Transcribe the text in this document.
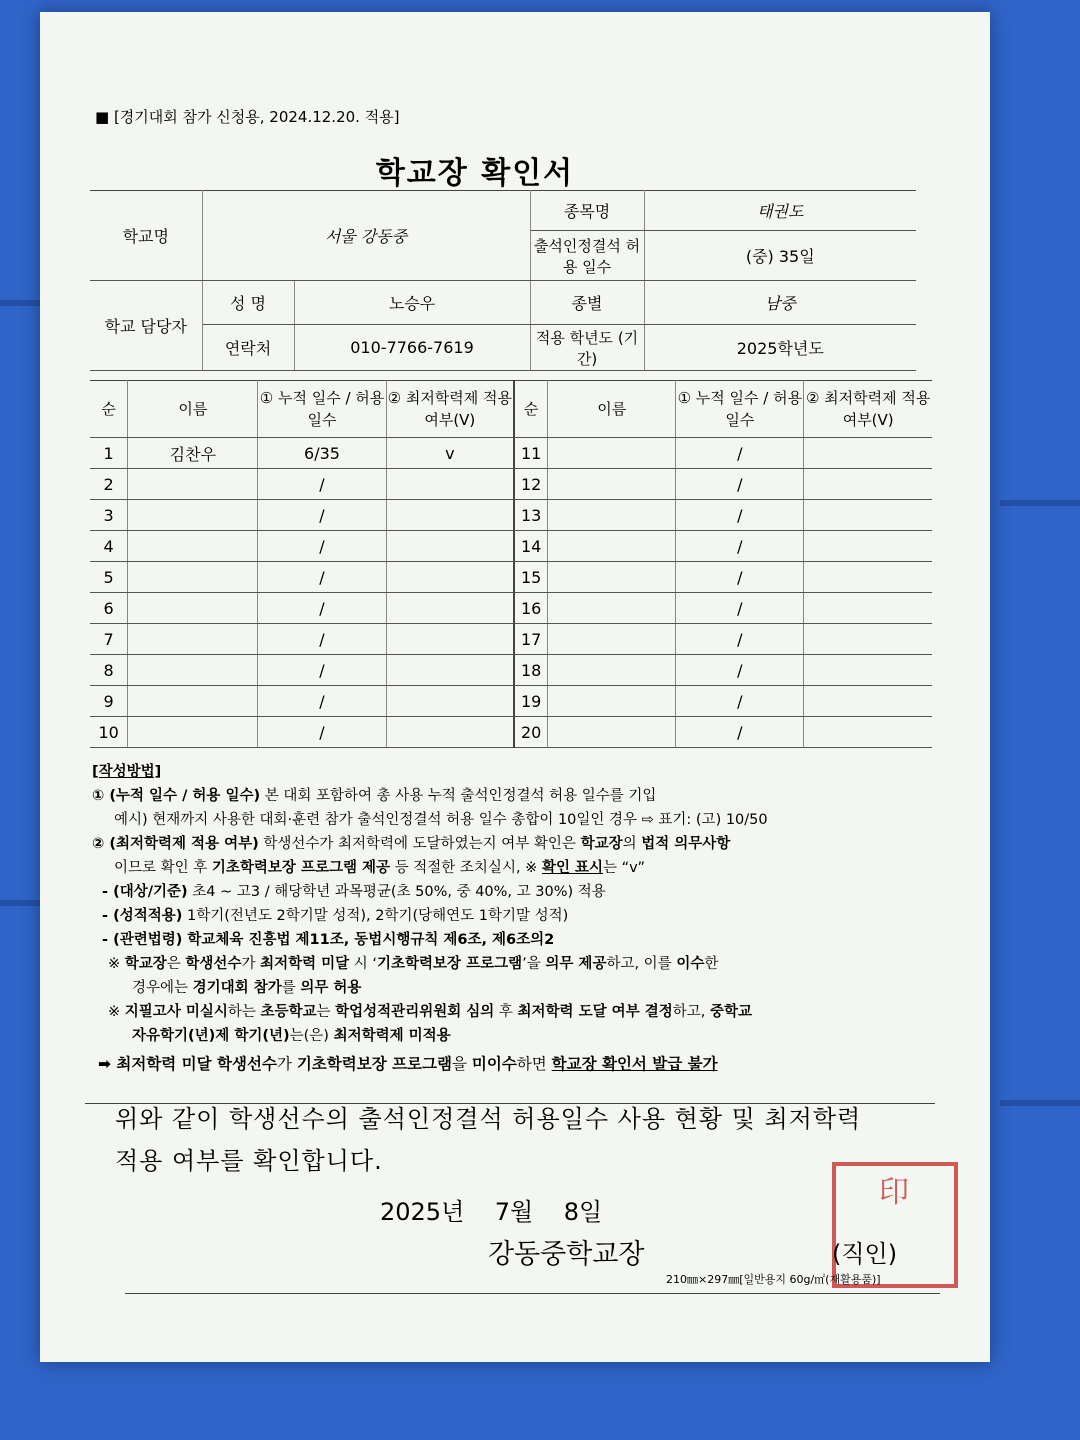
■ [경기대회 참가 신청용, 2024.12.20. 적용]
학교장 확인서
학교명	서울 강동중		종목명	태권도
			출석인정결석 허용 일수	(중) 35일
학교 담당자	성 명	노승우	종별	남중
	연락처	010-7766-7619	적용 학년도 (기간)	2025학년도
순	이름	① 누적 일수 / 허용 일수	② 최저학력제 적용 여부(V)	순	이름	① 누적 일수 / 허용 일수	② 최저학력제 적용 여부(V)
1	김찬우	6/35	v	11		/	
2		/		12		/	
3		/		13		/	
4		/		14		/	
5		/		15		/	
6		/		16		/	
7		/		17		/	
8		/		18		/	
9		/		19		/	
10		/		20		/	
[작성방법]
① (누적 일수 / 허용 일수) 본 대회 포함하여 총 사용 누적 출석인정결석 허용 일수를 기입
예시) 현재까지 사용한 대회·훈련 참가 출석인정결석 허용 일수 총합이 10일인 경우 ⇨ 표기: (고) 10/50
② (최저학력제 적용 여부) 학생선수가 최저학력에 도달하였는지 여부 확인은 학교장의 법적 의무사항
이므로 확인 후 기초학력보장 프로그램 제공 등 적절한 조치실시, ※ 확인 표시는 “v”
- (대상/기준) 초4 ~ 고3 / 해당학년 과목평균(초 50%, 중 40%, 고 30%) 적용
- (성적적용) 1학기(전년도 2학기말 성적), 2학기(당해연도 1학기말 성적)
- (관련법령) 학교체육 진흥법 제11조, 동법시행규칙 제6조, 제6조의2
※ 학교장은 학생선수가 최저학력 미달 시 ‘기초학력보장 프로그램’을 의무 제공하고, 이를 이수한
경우에는 경기대회 참가를 의무 허용
※ 지필고사 미실시하는 초등학교는 학업성적관리위원회 심의 후 최저학력 도달 여부 결정하고, 중학교
자유학기(년)제 학기(년)는(은) 최저학력제 미적용
➡ 최저학력 미달 학생선수가 기초학력보장 프로그램을 미이수하면 학교장 확인서 발급 불가
위와 같이 학생선수의 출석인정결석 허용일수 사용 현황 및 최저학력
적용 여부를 확인합니다.
2025년    7월    8일
강동중학교장
印
(직인)
210㎜×297㎜[일반용지 60g/㎡(재활용품)]
